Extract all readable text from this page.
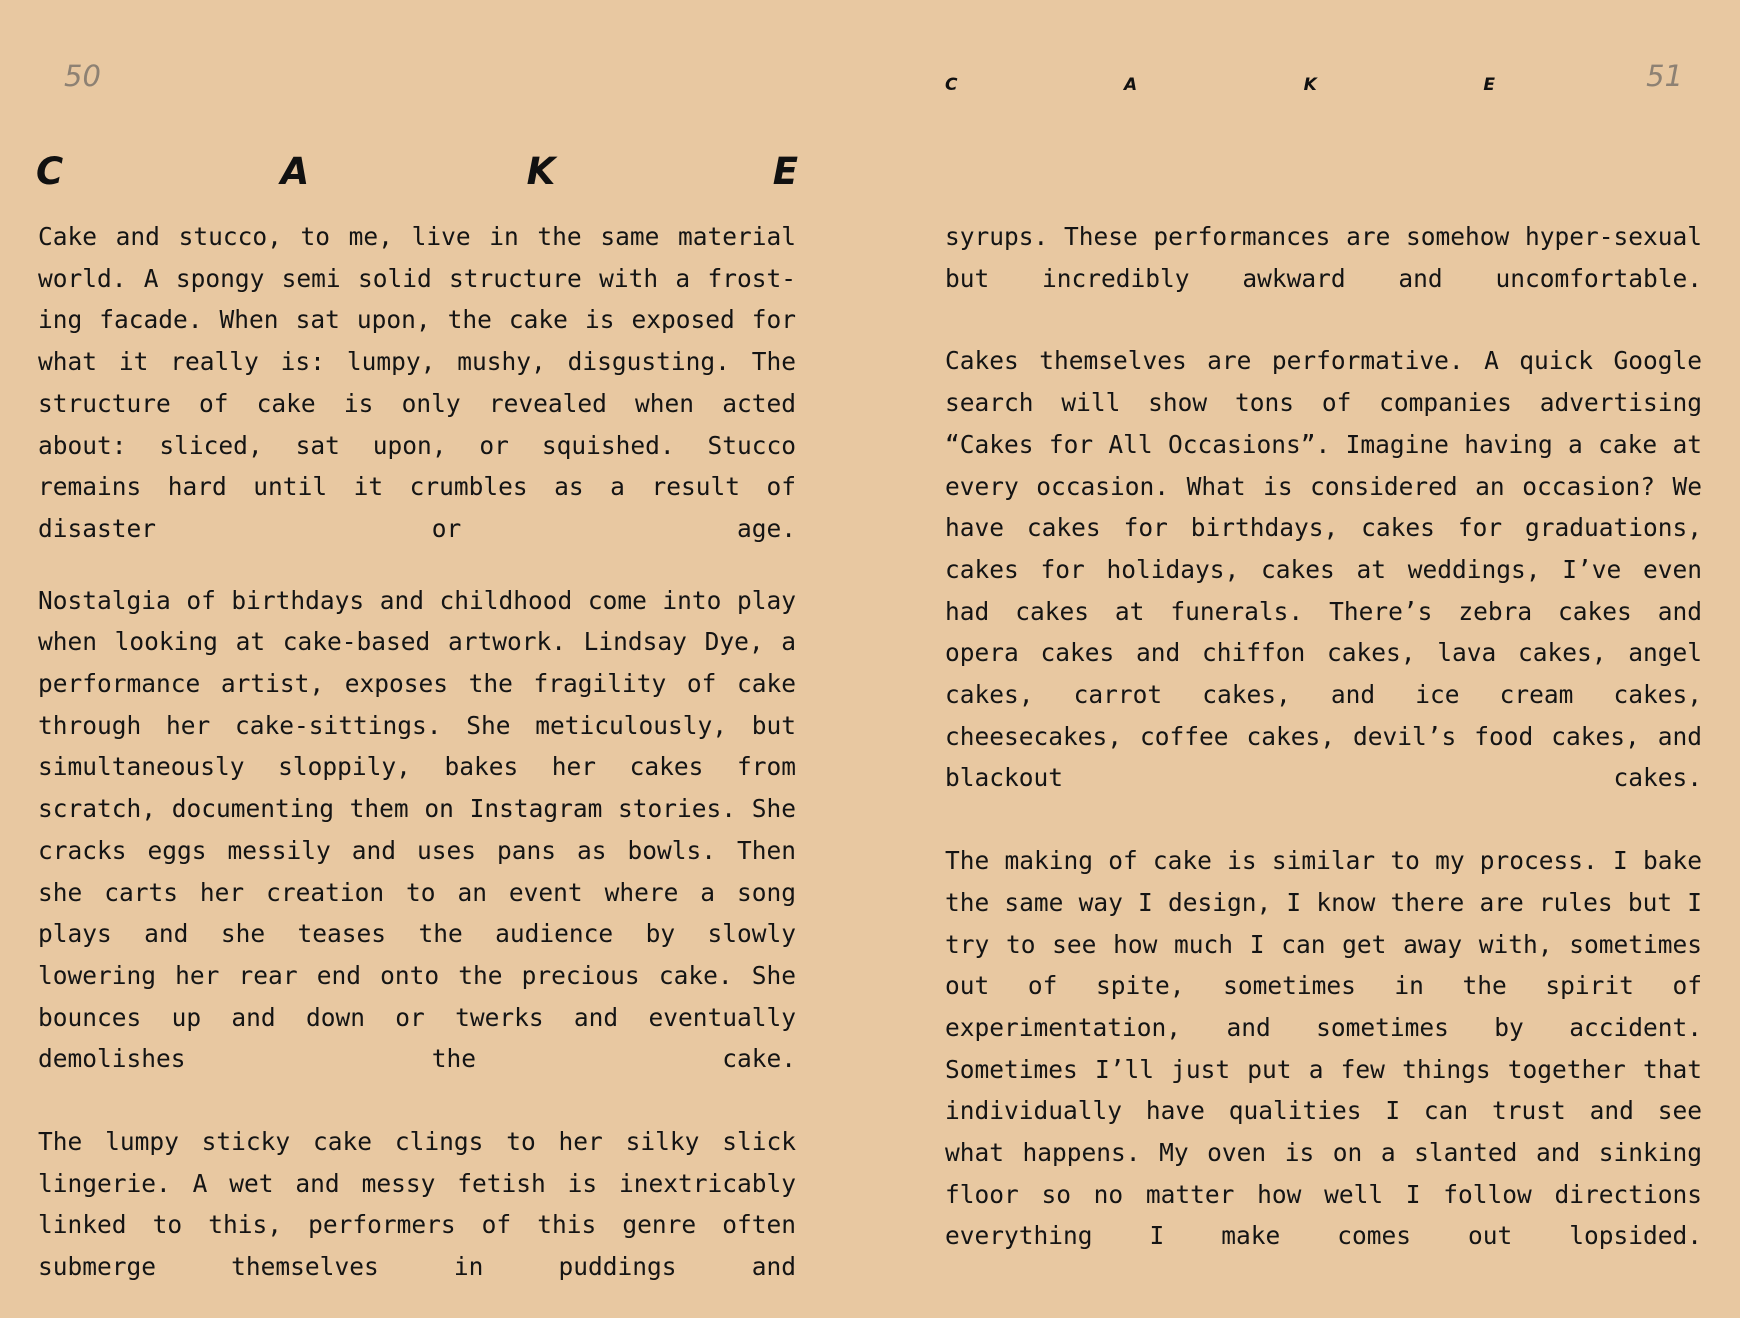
50
C	A	K	E

Cake and stucco, to me, live in the same material world. A spongy semi solid structure with a frosting facade. When sat upon, the cake is exposed for what it really is: lumpy, mushy, disgusting. The structure of cake is only revealed when acted about: sliced, sat upon, or squished. Stucco remains hard until it crumbles as a result of disaster or age.

Nostalgia of birthdays and childhood come into play when looking at cake-based artwork. Lindsay Dye, a performance artist, exposes the fragility of cake through her cake-sittings. She meticulously, but simultaneously sloppily, bakes her cakes from scratch, documenting them on Instagram stories. She cracks eggs messily and uses pans as bowls. Then she carts her creation to an event where a song plays and she teases the audience by slowly lowering her rear end onto the precious cake. She bounces up and down or twerks and eventually demolishes the cake.

The lumpy sticky cake clings to her silky slick lingerie. A wet and messy fetish is inextricably linked to this, performers of this genre often submerge themselves in puddings and

C	A	K	E	51

syrups. These performances are somehow hyper-sexual but incredibly awkward and uncomfortable.

Cakes themselves are performative. A quick Google search will show tons of companies advertising “Cakes for All Occasions”. Imagine having a cake at every occasion. What is considered an occasion? We have cakes for birthdays, cakes for graduations, cakes for holidays, cakes at weddings, I’ve even had cakes at funerals. There’s zebra cakes and opera cakes and chiffon cakes, lava cakes, angel cakes, carrot cakes, and ice cream cakes, cheesecakes, coffee cakes, devil’s food cakes, and blackout cakes.

The making of cake is similar to my process. I bake the same way I design, I know there are rules but I try to see how much I can get away with, sometimes out of spite, sometimes in the spirit of experimentation, and sometimes by accident. Sometimes I’ll just put a few things together that individually have qualities I can trust and see what happens. My oven is on a slanted and sinking floor so no matter how well I follow directions everything I make comes out lopsided.
